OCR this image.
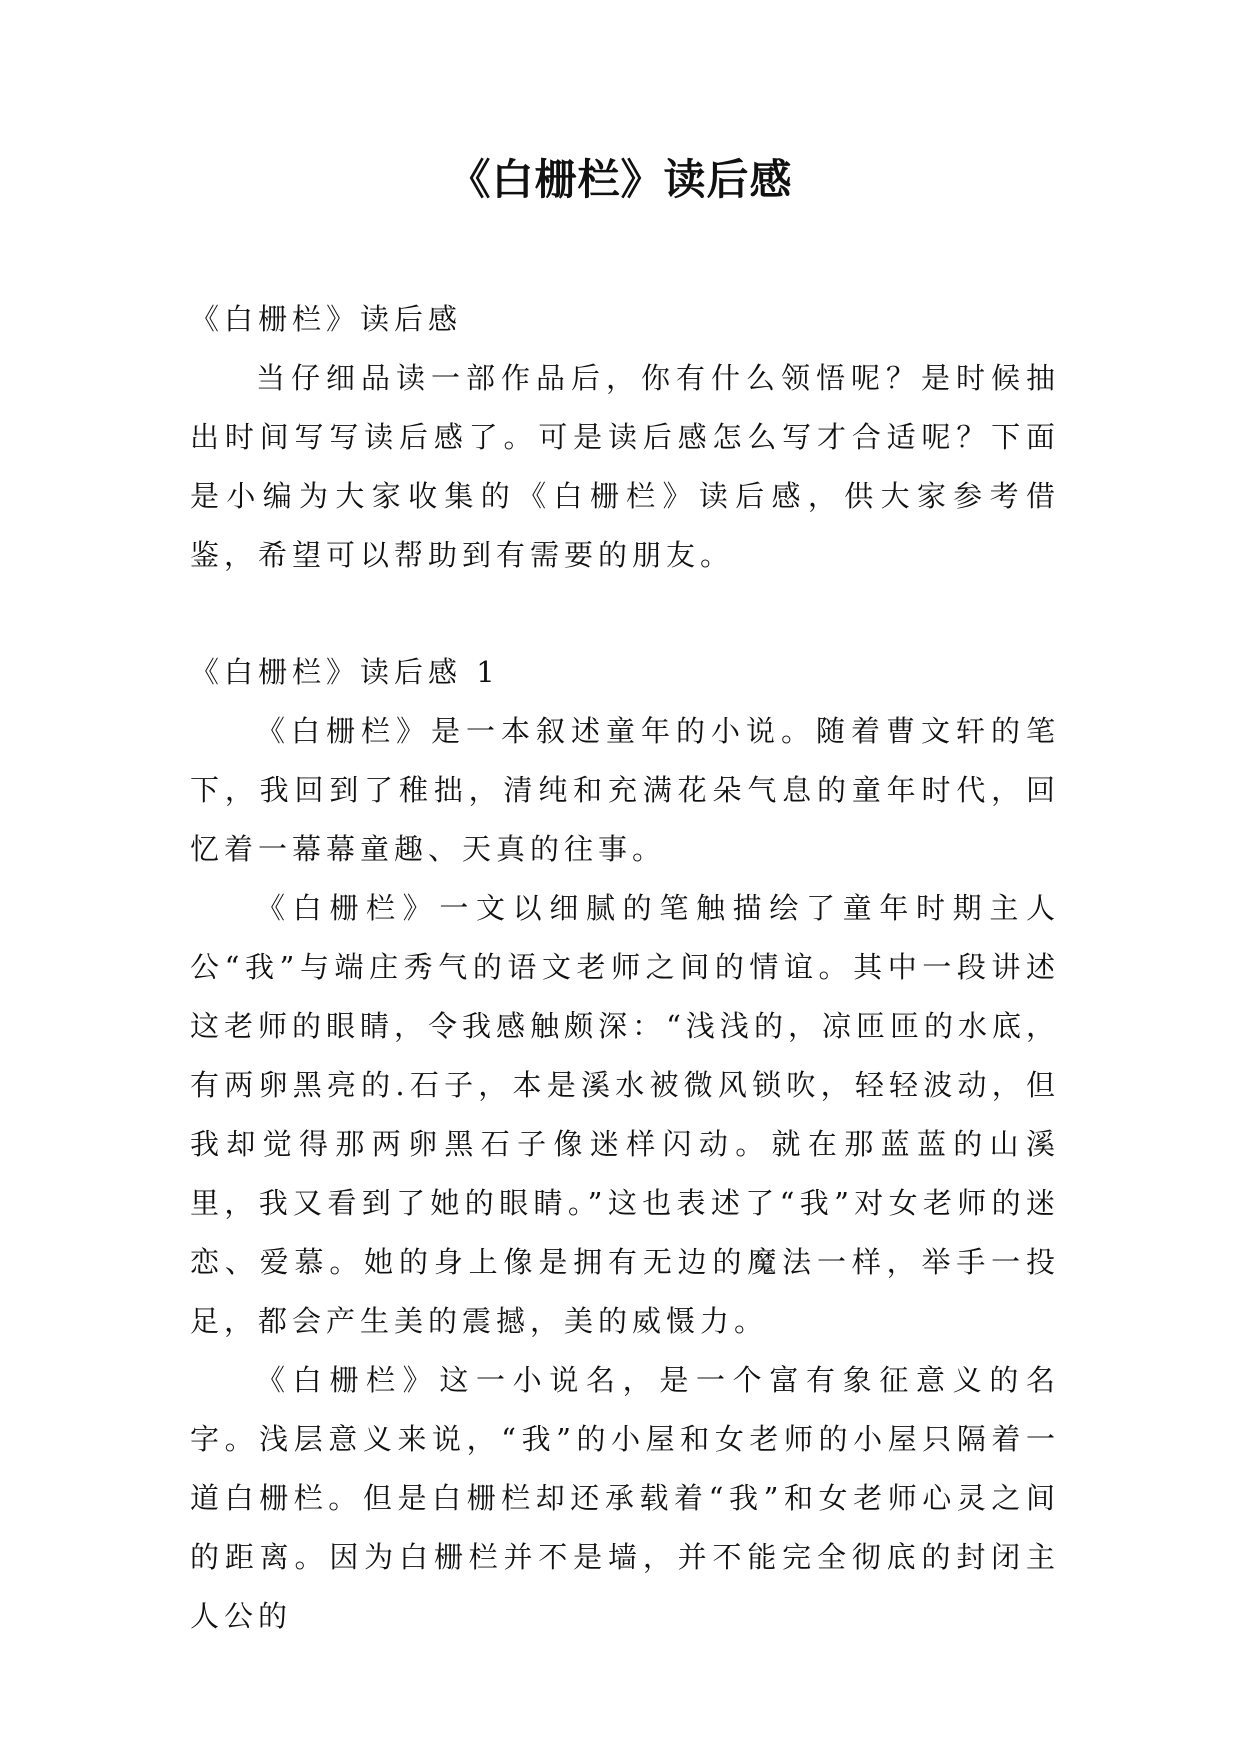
《白栅栏》读后感

《白栅栏》读后感

当仔细品读一部作品后，你有什么领悟呢？是时候抽出时间写写读后感了。可是读后感怎么写才合适呢？下面是小编为大家收集的《白栅栏》读后感，供大家参考借鉴，希望可以帮助到有需要的朋友。

《白栅栏》读后感 1

《白栅栏》是一本叙述童年的小说。随着曹文轩的笔下，我回到了稚拙，清纯和充满花朵气息的童年时代，回忆着一幕幕童趣、天真的往事。

《白栅栏》一文以细腻的笔触描绘了童年时期主人公“我”与端庄秀气的语文老师之间的情谊。其中一段讲述这老师的眼睛，令我感触颇深：“浅浅的，凉匝匝的水底，有两卵黑亮的.石子，本是溪水被微风锁吹，轻轻波动，但我却觉得那两卵黑石子像迷样闪动。就在那蓝蓝的山溪里，我又看到了她的眼睛。”这也表述了“我”对女老师的迷恋、爱慕。她的身上像是拥有无边的魔法一样，举手一投足，都会产生美的震撼，美的威慑力。

《白栅栏》这一小说名，是一个富有象征意义的名字。浅层意义来说，“我”的小屋和女老师的小屋只隔着一道白栅栏。但是白栅栏却还承载着“我”和女老师心灵之间的距离。因为白栅栏并不是墙，并不能完全彻底的封闭主人公的
